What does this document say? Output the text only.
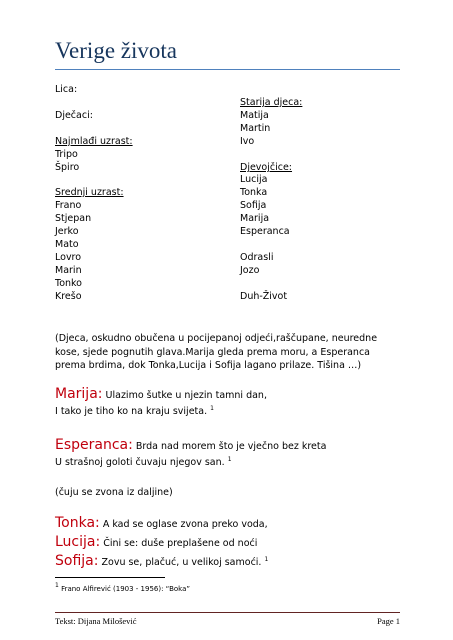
Verige života
Lica:
Dječaci:
Najmlađi uzrast:
Tripo
Špiro
Srednji uzrast:
Frano
Stjepan
Jerko
Mato
Lovro
Marin
Tonko
Krešo
Starija djeca:
Matija
Martin
Ivo
Djevojčice:
Lucija
Tonka
Sofija
Marija
Esperanca
Odrasli
Jozo
Duh-Život
(Djeca, oskudno obučena u pocijepanoj odjeći,raščupane, neuredne kose, sjede pognutih glava.Marija gleda prema moru, a Esperanca prema brdima, dok Tonka,Lucija i Sofija lagano prilaze. Tišina …)
Marija: Ulazimo šutke u njezin tamni dan,
I tako je tiho ko na kraju svijeta. $^1$
Esperanca: Brda nad morem što je vječno bez kreta
U strašnoj goloti čuvaju njegov san. $^1$
(čuju se zvona iz daljine)
Tonka: A kad se oglase zvona preko voda,
Lucija: Čini se: duše preplašene od noći
Sofija: Zovu se, plačuć, u velikoj samoći. $^1$
$^1$ Frano Alfirević (1903 - 1956): “Boka”
Tekst: Dijana Milošević	Page 1
